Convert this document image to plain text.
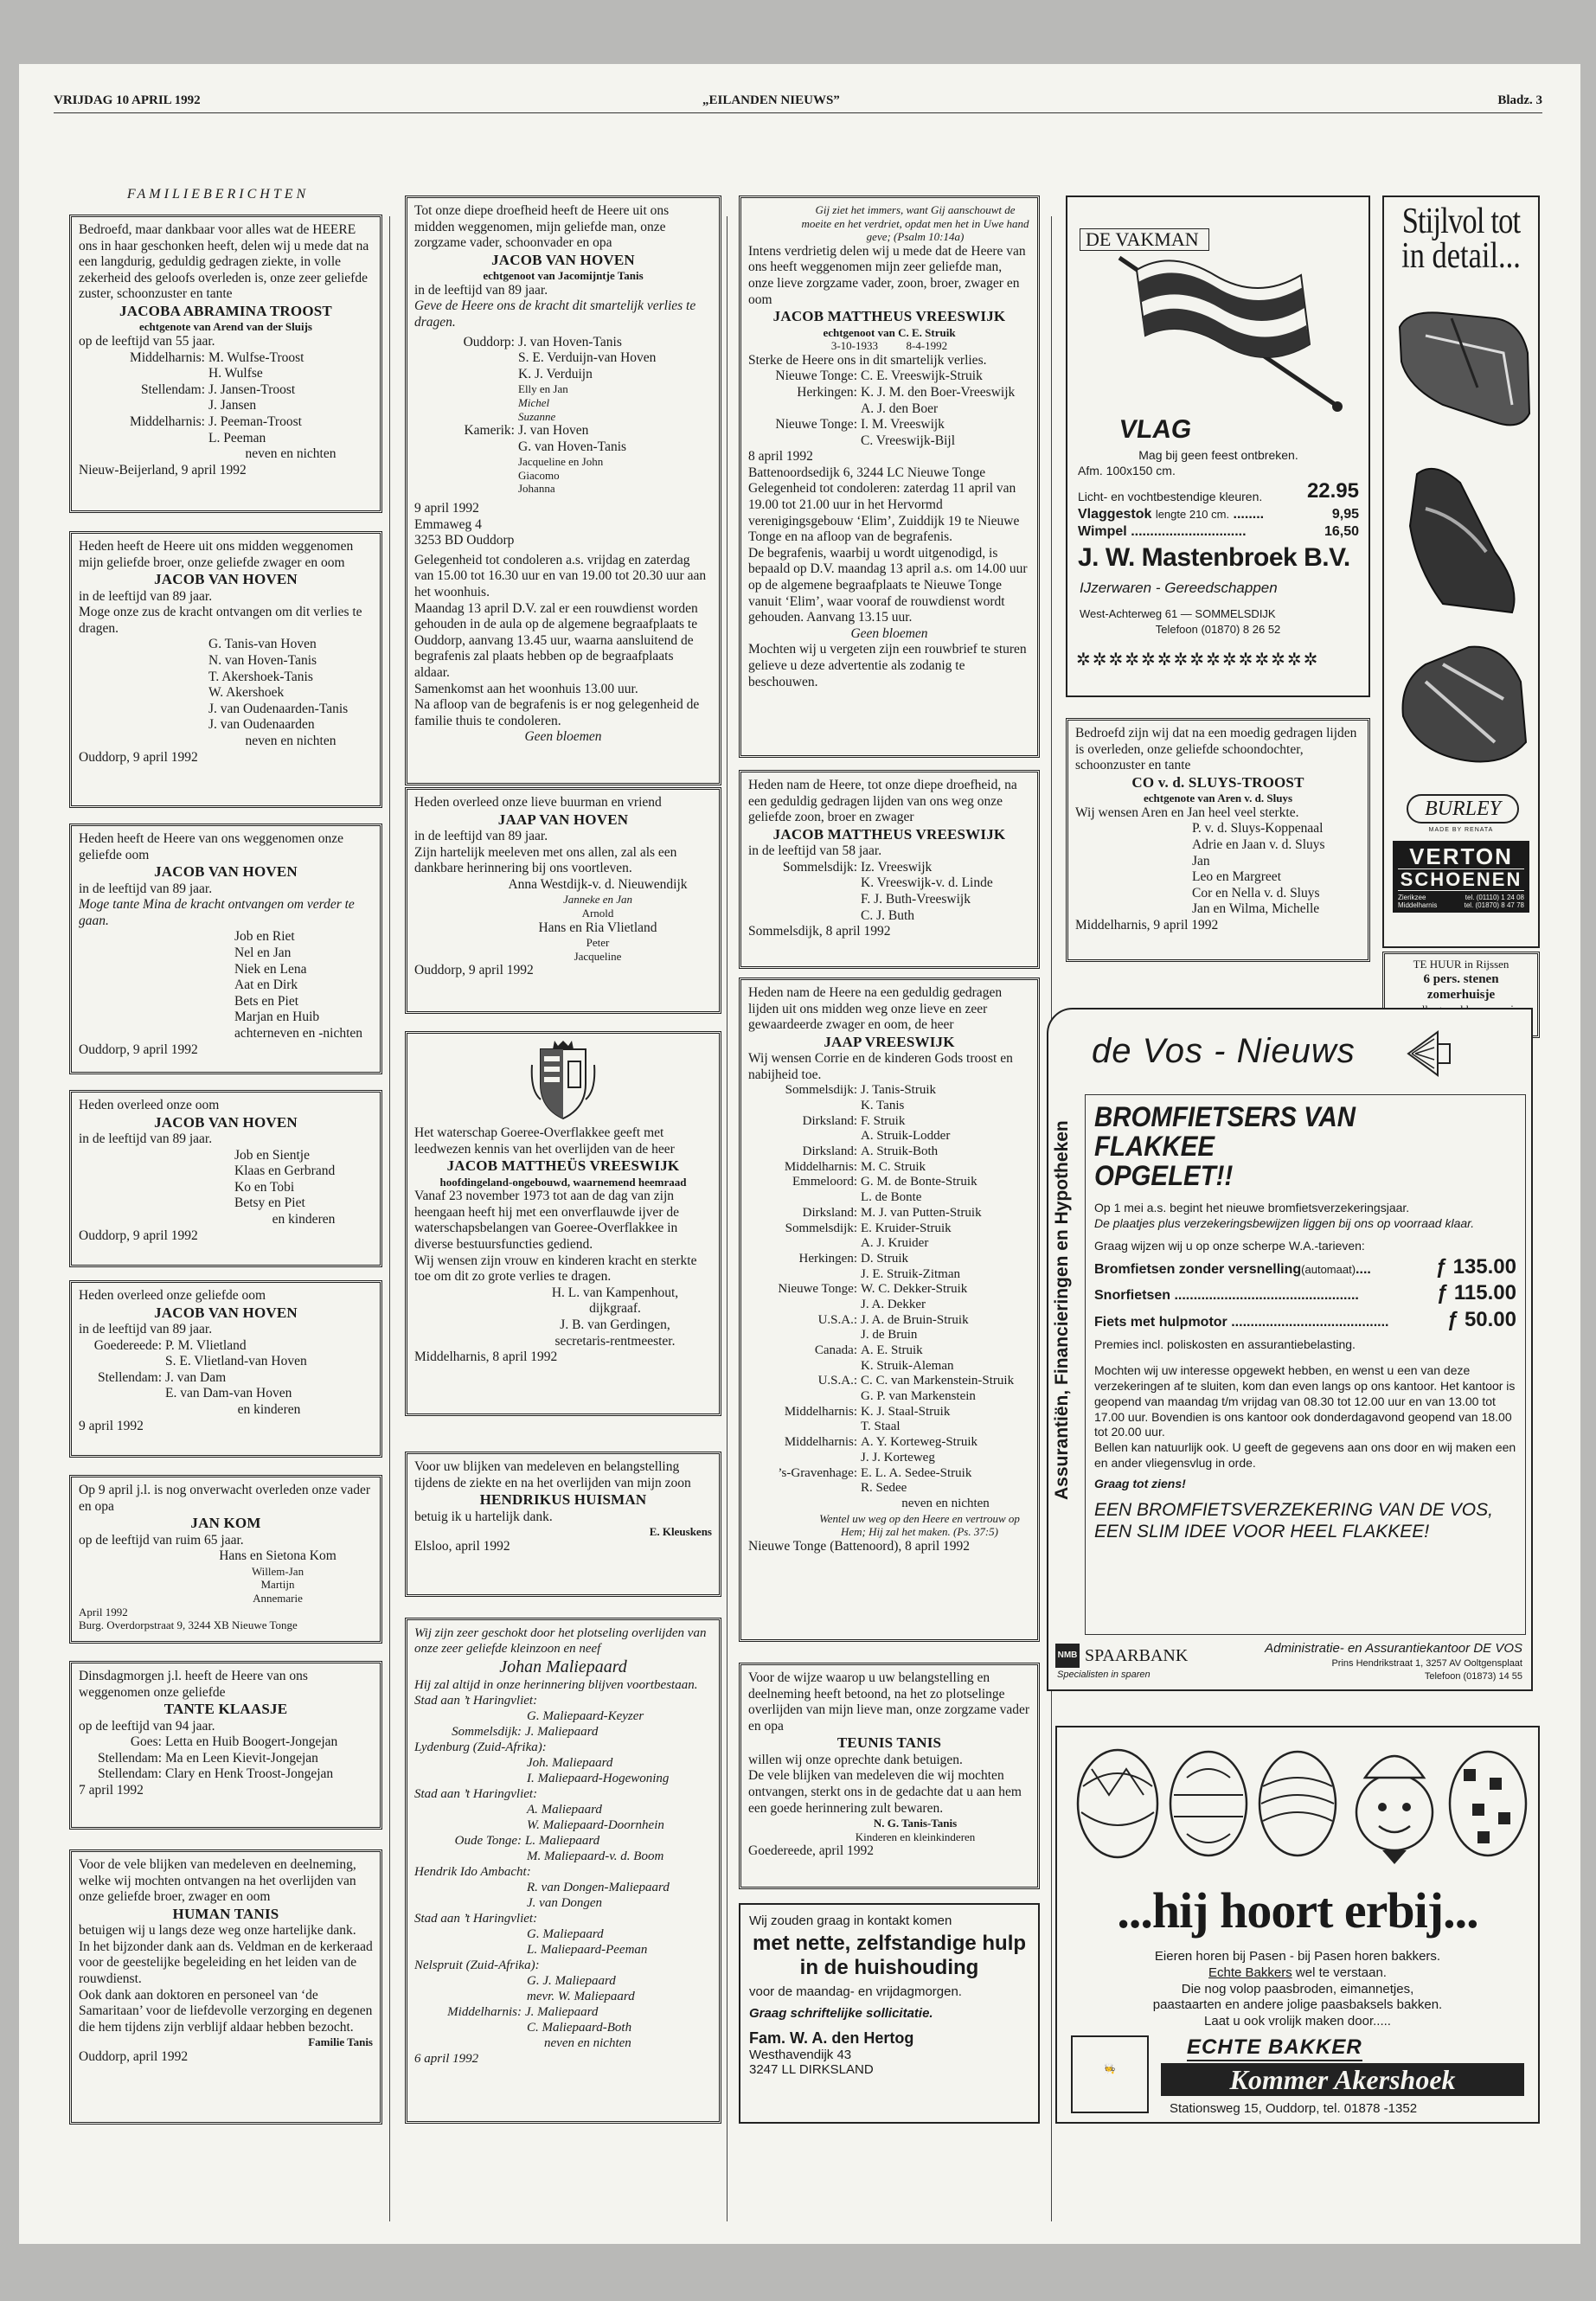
VRIJDAG 10 APRIL 1992	„EILANDEN NIEUWS”	Bladz. 3
FAMILIEBERICHTEN

Bedroefd, maar dankbaar voor alles wat de HEERE ons in haar geschonken heeft, delen wij u mede dat na een langdurig, geduldig gedragen ziekte, in volle zekerheid des geloofs overleden is, onze zeer geliefde zuster, schoonzuster en tante

JACOBA ABRAMINA TROOST

echtgenote van Arend van der Sluijs

op de leeftijd van 55 jaar.

Middelharnis: M. Wulfse-Troost
H. Wulfse
Stellendam: J. Jansen-Troost
J. Jansen
Middelharnis: J. Peeman-Troost
L. Peeman
neven en nichten

Nieuw-Beijerland, 9 april 1992

Heden heeft de Heere uit ons midden weggenomen mijn geliefde broer, onze geliefde zwager en oom

JACOB VAN HOVEN

in de leeftijd van 89 jaar.

Moge onze zus de kracht ontvangen om dit verlies te dragen.

G. Tanis-van Hoven

N. van Hoven-Tanis

T. Akershoek-Tanis

W. Akershoek

J. van Oudenaarden-Tanis

J. van Oudenaarden

neven en nichten

Ouddorp, 9 april 1992

Heden heeft de Heere van ons weggenomen onze geliefde oom

JACOB VAN HOVEN

in de leeftijd van 89 jaar.

Moge tante Mina de kracht ontvangen om verder te gaan.

Job en Riet

Nel en Jan

Niek en Lena

Aat en Dirk

Bets en Piet

Marjan en Huib

achterneven en -nichten

Ouddorp, 9 april 1992

Heden overleed onze oom

JACOB VAN HOVEN

in de leeftijd van 89 jaar.

Job en Sientje

Klaas en Gerbrand

Ko en Tobi

Betsy en Piet

en kinderen

Ouddorp, 9 april 1992

Heden overleed onze geliefde oom

JACOB VAN HOVEN

in de leeftijd van 89 jaar.

Goedereede: P. M. Vlietland
S. E. Vlietland-van Hoven
Stellendam: J. van Dam
E. van Dam-van Hoven
en kinderen

9 april 1992

Op 9 april j.l. is nog onverwacht overleden onze vader en opa

JAN KOM

op de leeftijd van ruim 65 jaar.

Hans en Sietona Kom

Willem-Jan

Martijn

Annemarie

April 1992

Burg. Overdorpstraat 9, 3244 XB Nieuwe Tonge

Dinsdagmorgen j.l. heeft de Heere van ons weggenomen onze geliefde

TANTE KLAASJE

op de leeftijd van 94 jaar.

Goes: Letta en Huib Boogert-Jongejan
Stellendam: Ma en Leen Kievit-Jongejan
Stellendam: Clary en Henk Troost-Jongejan

7 april 1992

Voor de vele blijken van medeleven en deelneming, welke wij mochten ontvangen na het overlijden van onze geliefde broer, zwager en oom

HUMAN TANIS

betuigen wij u langs deze weg onze hartelijke dank.

In het bijzonder dank aan ds. Veldman en de kerkeraad voor de geestelijke begeleiding en het leiden van de rouwdienst.

Ook dank aan doktoren en personeel van ‘de Samaritaan’ voor de liefdevolle verzorging en degenen die hem tijdens zijn verblijf aldaar hebben bezocht.

Familie Tanis

Ouddorp, april 1992

Tot onze diepe droefheid heeft de Heere uit ons midden weggenomen, mijn geliefde man, onze zorgzame vader, schoonvader en opa

JACOB VAN HOVEN

echtgenoot van Jacomijntje Tanis

in de leeftijd van 89 jaar.

Geve de Heere ons de kracht dit smartelijk verlies te dragen.

Ouddorp: J. van Hoven-Tanis
S. E. Verduijn-van Hoven
K. J. Verduijn
Elly en Jan
Michel
Suzanne
Kamerik: J. van Hoven
G. van Hoven-Tanis
Jacqueline en John
Giacomo
Johanna

9 april 1992

Emmaweg 4

3253 BD Ouddorp

Gelegenheid tot condoleren a.s. vrijdag en zaterdag van 15.00 tot 16.30 uur en van 19.00 tot 20.30 uur aan het woonhuis.

Maandag 13 april D.V. zal er een rouwdienst worden gehouden in de aula op de algemene begraafplaats te Ouddorp, aanvang 13.45 uur, waarna aansluitend de begrafenis zal plaats hebben op de begraafplaats aldaar.

Samenkomst aan het woonhuis 13.00 uur.

Na afloop van de begrafenis is er nog gelegenheid de familie thuis te condoleren.

Geen bloemen

Heden overleed onze lieve buurman en vriend

JAAP VAN HOVEN

in de leeftijd van 89 jaar.

Zijn hartelijk meeleven met ons allen, zal als een dankbare herinnering bij ons voortleven.

Anna Westdijk-v. d. Nieuwendijk

Janneke en Jan

Arnold

Hans en Ria Vlietland

Peter

Jacqueline

Ouddorp, 9 april 1992

Het waterschap Goeree-Overflakkee geeft met leedwezen kennis van het overlijden van de heer

JACOB MATTHEÜS VREESWIJK

hoofdingeland-ongebouwd, waarnemend heemraad

Vanaf 23 november 1973 tot aan de dag van zijn heengaan heeft hij met een onverflauwde ijver de waterschapsbelangen van Goeree-Overflakkee in diverse bestuursfuncties gediend.

Wij wensen zijn vrouw en kinderen kracht en sterkte toe om dit zo grote verlies te dragen.

H. L. van Kampenhout,

dijkgraaf.

J. B. van Gerdingen,

secretaris-rentmeester.

Middelharnis, 8 april 1992

Voor uw blijken van medeleven en belangstelling tijdens de ziekte en na het overlijden van mijn zoon

HENDRIKUS HUISMAN

betuig ik u hartelijk dank.

E. Kleuskens

Elsloo, april 1992

Wij zijn zeer geschokt door het plotseling overlijden van onze zeer geliefde kleinzoon en neef

Johan Maliepaard

Hij zal altijd in onze herinnering blijven voortbestaan.

Stad aan ’t Haringvliet:

G. Maliepaard-Keyzer

Sommelsdijk: J. Maliepaard

Lydenburg (Zuid-Afrika):

Joh. Maliepaard

I. Maliepaard-Hogewoning

Stad aan ’t Haringvliet:

A. Maliepaard

W. Maliepaard-Doornhein

Oude Tonge: L. Maliepaard

M. Maliepaard-v. d. Boom

Hendrik Ido Ambacht:

R. van Dongen-Maliepaard

J. van Dongen

Stad aan ’t Haringvliet:

G. Maliepaard

L. Maliepaard-Peeman

Nelspruit (Zuid-Afrika):

G. J. Maliepaard

mevr. W. Maliepaard

Middelharnis: J. Maliepaard

C. Maliepaard-Both

neven en nichten

6 april 1992

Gij ziet het immers, want Gij aanschouwt de moeite en het verdriet, opdat men het in Uwe hand geve; (Psalm 10:14a)

Intens verdrietig delen wij u mede dat de Heere van ons heeft weggenomen mijn zeer geliefde man, onze lieve zorgzame vader, zoon, broer, zwager en oom

JACOB MATTHEUS VREESWIJK

echtgenoot van C. E. Struik

3-10-1933          8-4-1992

Sterke de Heere ons in dit smartelijk verlies.

Nieuwe Tonge: C. E. Vreeswijk-Struik
Herkingen: K. J. M. den Boer-Vreeswijk
A. J. den Boer
Nieuwe Tonge: I. M. Vreeswijk
C. Vreeswijk-Bijl

8 april 1992

Battenoordsedijk 6, 3244 LC Nieuwe Tonge

Gelegenheid tot condoleren: zaterdag 11 april van 19.00 tot 21.00 uur in het Hervormd verenigingsgebouw ‘Elim’, Zuiddijk 19 te Nieuwe Tonge en na afloop van de begrafenis.

De begrafenis, waarbij u wordt uitgenodigd, is bepaald op D.V. maandag 13 april a.s. om 14.00 uur op de algemene begraafplaats te Nieuwe Tonge vanuit ‘Elim’, waar vooraf de rouwdienst wordt gehouden. Aanvang 13.15 uur.

Geen bloemen

Mochten wij u vergeten zijn een rouwbrief te sturen gelieve u deze advertentie als zodanig te beschouwen.

Heden nam de Heere, tot onze diepe droefheid, na een geduldig gedragen lijden van ons weg onze geliefde zoon, broer en zwager

JACOB MATTHEUS VREESWIJK

in de leeftijd van 58 jaar.

Sommelsdijk: Iz. Vreeswijk
K. Vreeswijk-v. d. Linde
F. J. Buth-Vreeswijk
C. J. Buth

Sommelsdijk, 8 april 1992

Heden nam de Heere na een geduldig gedragen lijden uit ons midden weg onze lieve en zeer gewaardeerde zwager en oom, de heer

JAAP VREESWIJK

Wij wensen Corrie en de kinderen Gods troost en nabijheid toe.

Sommelsdijk: J. Tanis-Struik
K. Tanis
Dirksland: F. Struik
A. Struik-Lodder
Dirksland: A. Struik-Both
Middelharnis: M. C. Struik
Emmeloord: G. M. de Bonte-Struik
L. de Bonte
Dirksland: M. J. van Putten-Struik
Sommelsdijk: E. Kruider-Struik
A. J. Kruider
Herkingen: D. Struik
J. E. Struik-Zitman
Nieuwe Tonge: W. C. Dekker-Struik
J. A. Dekker
U.S.A.: J. A. de Bruin-Struik
J. de Bruin
Canada: A. E. Struik
K. Struik-Aleman
U.S.A.: C. C. van Markenstein-Struik
G. P. van Markenstein
Middelharnis: K. J. Staal-Struik
T. Staal
Middelharnis: A. Y. Korteweg-Struik
J. J. Korteweg
’s-Gravenhage: E. L. A. Sedee-Struik
R. Sedee
neven en nichten

Wentel uw weg op den Heere en vertrouw op Hem; Hij zal het maken. (Ps. 37:5)

Nieuwe Tonge (Battenoord), 8 april 1992

Voor de wijze waarop u uw belangstelling en deelneming heeft betoond, na het zo plotselinge overlijden van mijn lieve man, onze zorgzame vader en opa

TEUNIS TANIS

willen wij onze oprechte dank betuigen.

De vele blijken van medeleven die wij mochten ontvangen, sterkt ons in de gedachte dat u aan hem een goede herinnering zult bewaren.

N. G. Tanis-Tanis

Kinderen en kleinkinderen

Goedereede, april 1992

Wij zouden graag in kontakt komen

met nette, zelfstandige hulp

in de huishouding

voor de maandag- en vrijdagmorgen.

Graag schriftelijke sollicitatie.

Fam. W. A. den Hertog

Westhavendijk 43

3247 LL DIRKSLAND

DE VAKMAN

VLAG

Mag bij geen feest ontbreken.

Afm. 100x150 cm.

Licht- en vochtbestendige kleuren. 22.95
Vlaggestok lengte 210 cm. ........	9,95
Wimpel ..............................	16,50

J. W. Mastenbroek B.V.

IJzerwaren - Gereedschappen

West-Achterweg 61 — SOMMELSDIJK

Telefoon (01870) 8 26 52

✲✲✲✲✲✲✲✲✲✲✲✲✲✲✲

Bedroefd zijn wij dat na een moedig gedragen lijden is overleden, onze geliefde schoondochter, schoonzuster en tante

CO v. d. SLUYS-TROOST

echtgenote van Aren v. d. Sluys

Wij wensen Aren en Jan heel veel sterkte.

P. v. d. Sluys-Koppenaal

Adrie en Jaan v. d. Sluys

Jan

Leo en Margreet

Cor en Nella v. d. Sluys

Jan en Wilma, Michelle

Middelharnis, 9 april 1992

Stijlvol tot

in detail...

BURLEY

MADE BY RENATA

VERTON

SCHOENEN

Zierikzee	tel. (01110) 1 24 08
Middelharnis	tel. (01870) 8 47 78

TE HUUR in Rijssen

6 pers. stenen zomerhuisje

de Vos - Nieuws

Assurantiën, Financieringen en Hypotheken

BROMFIETSERS VAN FLAKKEE

OPGELET!!

Op 1 mei a.s. begint het nieuwe bromfietsverzekeringsjaar.

De plaatjes plus verzekeringsbewijzen liggen bij ons op voorraad klaar.

Graag wijzen wij u op onze scherpe W.A.-tarieven:

Bromfietsen zonder versnelling(automaat)....	ƒ 135.00
Snorfietsen ................................................	ƒ 115.00
Fiets met hulpmotor .........................................	ƒ 50.00

Premies incl. poliskosten en assurantiebelasting.

Mochten wij uw interesse opgewekt hebben, en wenst u een van deze verzekeringen af te sluiten, kom dan even langs op ons kantoor. Het kantoor is geopend van maandag t/m vrijdag van 08.30 tot 12.00 uur en van 13.00 tot 17.00 uur. Bovendien is ons kantoor ook donderdagavond geopend van 18.00 tot 20.00 uur.

Bellen kan natuurlijk ook. U geeft de gegevens aan ons door en wij maken een en ander vliegensvlug in orde.

Graag tot ziens!

EEN BROMFIETSVERZEKERING VAN DE VOS, EEN SLIM IDEE VOOR HEEL FLAKKEE!

NMB SPAARBANK

Specialisten in sparen

Administratie- en Assurantiekantoor DE VOS

Prins Hendrikstraat 1, 3257 AV Ooltgensplaat

Telefoon (01873) 14 55

...hij hoort erbij...

Eieren horen bij Pasen - bij Pasen horen bakkers.

Echte Bakkers wel te verstaan.

Die nog volop paasbroden, eimannetjes,

paastaarten en andere jolige paasbaksels bakken.

Laat u ook vrolijk maken door.....

🧑‍🍳

ECHTE BAKKER

Kommer Akershoek

Stationsweg 15, Ouddorp, tel. 01878 -1352
